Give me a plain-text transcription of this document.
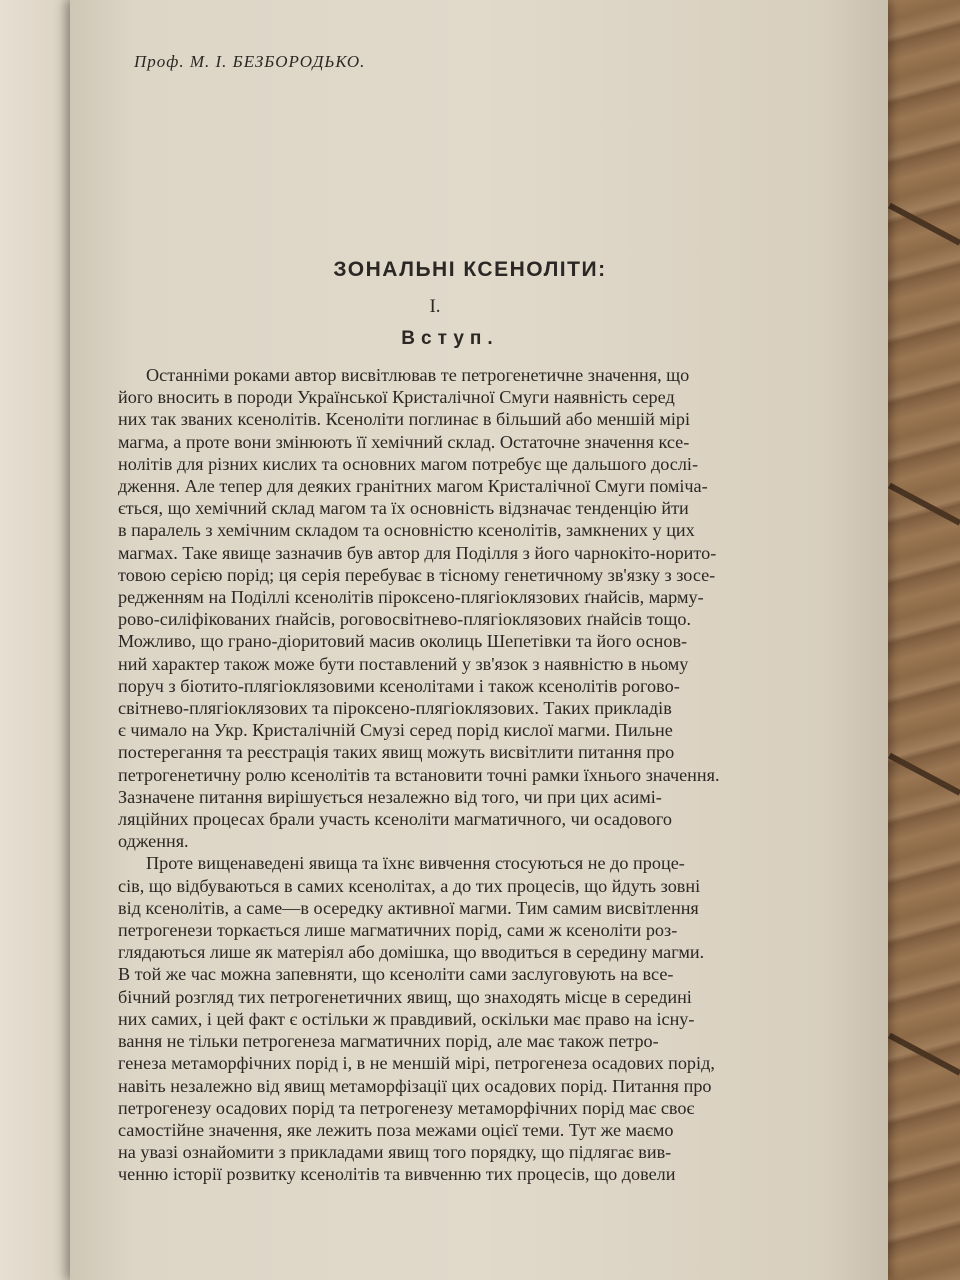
Проф. М. І. БЕЗБОРОДЬКО.
ЗОНАЛЬНІ КСЕНОЛІТИ:
I.
Вступ.
Останніми роками автор висвітлював те петрогенетичне значення, що
його вносить в породи Української Кристалічної Смуги наявність серед
них так званих ксенолітів. Ксеноліти поглинає в більший або меншій мірі
магма, а проте вони змінюють її хемічний склад. Остаточне значення ксе-
нолітів для різних кислих та основних магом потребує ще дальшого дослі-
дження. Але тепер для деяких гранітних магом Кристалічної Смуги поміча-
ється, що хемічний склад магом та їх основність відзначає тенденцію йти
в паралель з хемічним складом та основністю ксенолітів, замкнених у цих
магмах. Таке явище зазначив був автор для Поділля з його чарнокіто-норито-
товою серією порід; ця серія перебуває в тісному генетичному зв'язку з зосе-
редженням на Поділлі ксенолітів піроксено-плягіоклязових ґнайсів, марму-
рово-силіфікованих ґнайсів, роговосвітнево-плягіоклязових ґнайсів тощо.
Можливо, що грано-діоритовий масив околиць Шепетівки та його основ-
ний характер також може бути поставлений у зв'язок з наявністю в ньому
поруч з біотито-плягіоклязовими ксенолітами і також ксенолітів рогово-
світнево-плягіоклязових та піроксено-плягіоклязових. Таких прикладів
є чимало на Укр. Кристалічній Смузі серед порід кислої магми. Пильне
постерегання та реєстрація таких явищ можуть висвітлити питання про
петрогенетичну ролю ксенолітів та встановити точні рамки їхнього значення.
Зазначене питання вирішується незалежно від того, чи при цих асимі-
ляційних процесах брали участь ксеноліти магматичного, чи осадового
одження.
Проте вищенаведені явища та їхнє вивчення стосуються не до проце-
сів, що відбуваються в самих ксенолітах, а до тих процесів, що йдуть зовні
від ксенолітів, а саме—в осередку активної магми. Тим самим висвітлення
петрогенези торкається лише магматичних порід, сами ж ксеноліти роз-
глядаються лише як матеріял або домішка, що вводиться в середину магми.
В той же час можна запевняти, що ксеноліти сами заслуговують на все-
бічний розгляд тих петрогенетичних явищ, що знаходять місце в середині
них самих, і цей факт є остільки ж правдивий, оскільки має право на існу-
вання не тільки петрогенеза магматичних порід, але має також петро-
генеза метаморфічних порід і, в не меншій мірі, петрогенеза осадових порід,
навіть незалежно від явищ метаморфізації цих осадових порід. Питання про
петрогенезу осадових порід та петрогенезу метаморфічних порід має своє
самостійне значення, яке лежить поза межами оцієї теми. Тут же маємо
на увазі ознайомити з прикладами явищ того порядку, що підлягає вив-
ченню історії розвитку ксенолітів та вивченню тих процесів, що довели
